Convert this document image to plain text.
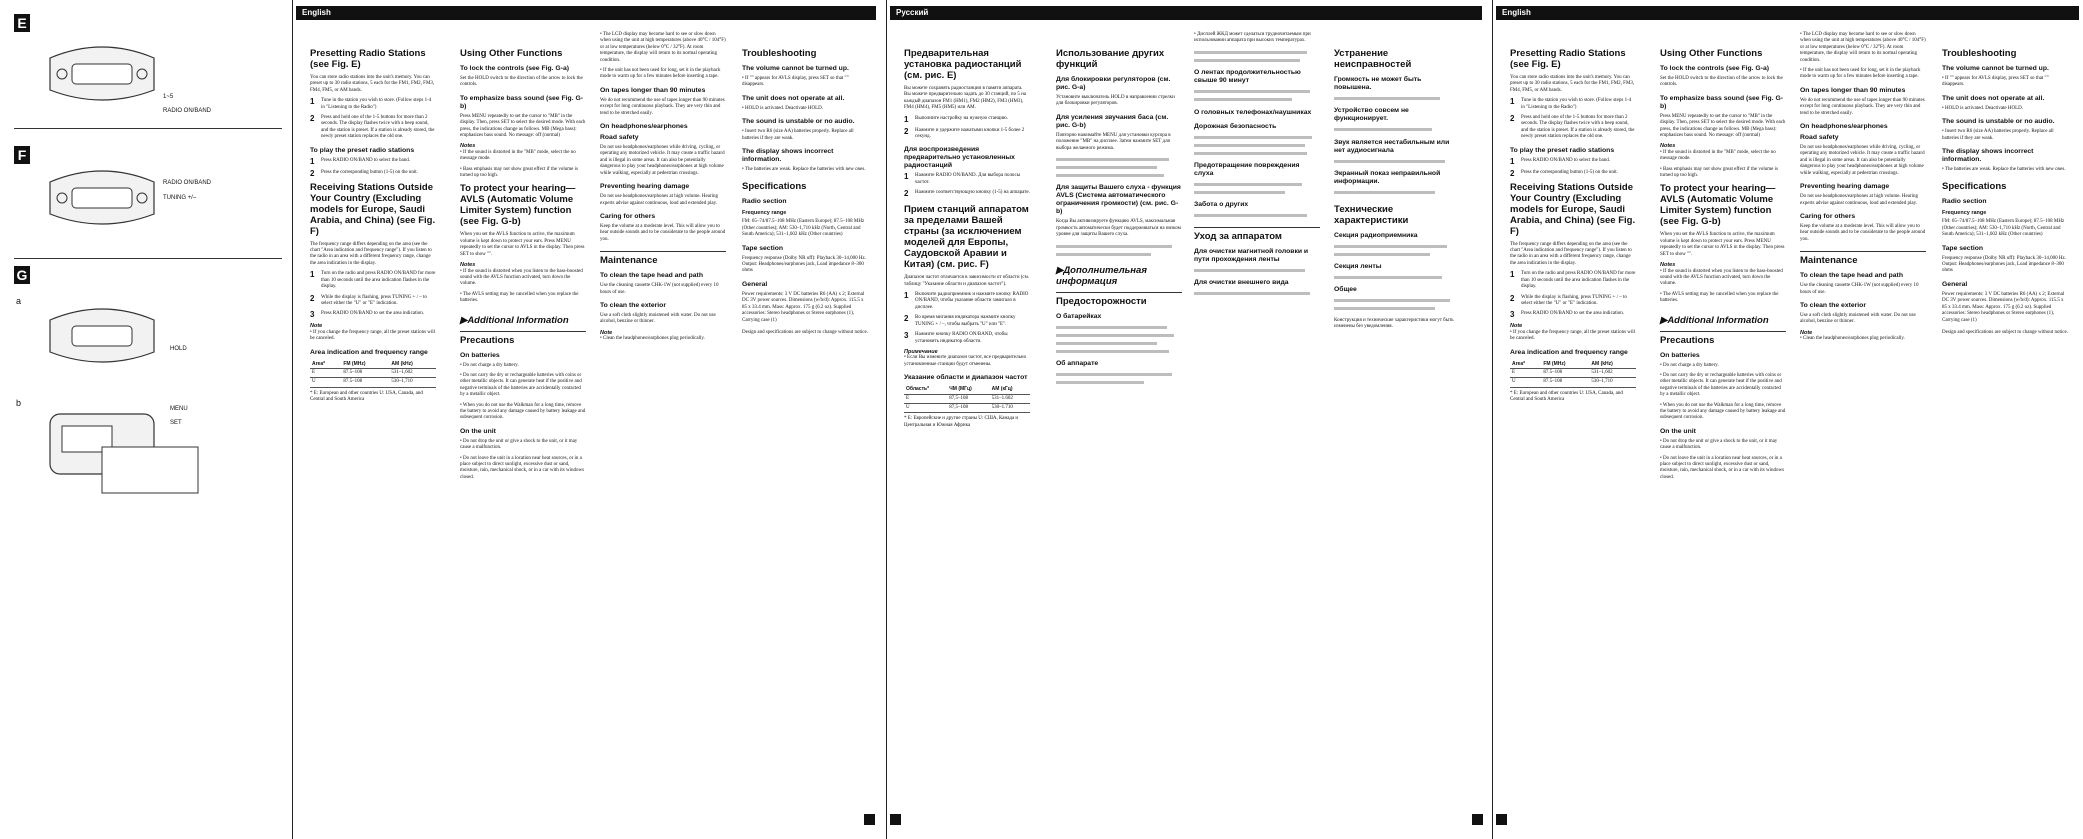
E
1~5
RADIO ON/BAND
F
RADIO ON/BAND
TUNING +/–
G
a
HOLD
b
MENU
SET
English
Presetting Radio Stations (see Fig. E)
You can store radio stations into the unit's memory. You can preset up to 30 radio stations, 5 each for the FM1, FM2, FM3, FM4, FM5, or AM bands.
1	Tune in the station you wish to store. (Follow steps 1-4 in "Listening to the Radio")
2	Press and hold one of the 1-5 buttons for more than 2 seconds. The display flashes twice with a beep sound, and the station is preset. If a station is already stored, the newly preset station replaces the old one.
To play the preset radio stations
1	Press RADIO ON/BAND to select the band.
2	Press the corresponding button (1-5) on the unit.
Receiving Stations Outside Your Country (Excluding models for Europe, Saudi Arabia, and China) (see Fig. F)
The frequency range differs depending on the area (see the chart "Area indication and frequency range"). If you listen to the radio in an area with a different frequency range, change the area indication in the display.
1	Turn on the radio and press RADIO ON/BAND for more than 10 seconds until the area indication flashes in the display.
2	While the display is flashing, press TUNING + / – to select either the "U" or "E" indication.
3	Press RADIO ON/BAND to set the area indication.
Note
• If you change the frequency range, all the preset stations will be canceled.
Area indication and frequency range
Area*	FM (MHz)	AM (kHz)
E	87.5–108	531–1,602
U	87.5–108	530–1,710
* E: European and other countries U: USA, Canada, and Central and South America
Using Other Functions
To lock the controls (see Fig. G-a)
Set the HOLD switch to the direction of the arrow to lock the controls.
To emphasize bass sound (see Fig. G-b)
Press MENU repeatedly to set the cursor to "MB" in the display. Then, press SET to select the desired mode. With each press, the indications change as follows. MB (Mega bass): emphasizes bass sound. No message: off (normal)
Notes
• If the sound is distorted in the "MB" mode, select the no message mode.
• Bass emphasis may not show great effect if the volume is turned up too high.
To protect your hearing—AVLS (Automatic Volume Limiter System) function (see Fig. G-b)
When you set the AVLS function to active, the maximum volume is kept down to protect your ears. Press MENU repeatedly to set the cursor to AVLS in the display. Then press SET to show "".
Notes
• If the sound is distorted when you listen to the bass-boosted sound with the AVLS function activated, turn down the volume.
• The AVLS setting may be cancelled when you replace the batteries.
▶Additional Information
Precautions
On batteries
• Do not charge a dry battery.
• Do not carry the dry or rechargeable batteries with coins or other metallic objects. It can generate heat if the positive and negative terminals of the batteries are accidentally contacted by a metallic object.
• When you do not use the Walkman for a long time, remove the battery to avoid any damage caused by battery leakage and subsequent corrosion.
On the unit
• Do not drop the unit or give a shock to the unit, or it may cause a malfunction.
• Do not leave the unit in a location near heat sources, or in a place subject to direct sunlight, excessive dust or sand, moisture, rain, mechanical shock, or in a car with its windows closed.
• The LCD display may become hard to see or slow down when using the unit at high temperatures (above 40°C / 104°F) or at low temperatures (below 0°C / 32°F). At room temperature, the display will return to its normal operating condition.
• If the unit has not been used for long, set it in the playback mode to warm up for a few minutes before inserting a tape.
On tapes longer than 90 minutes
We do not recommend the use of tapes longer than 90 minutes except for long continuous playback. They are very thin and tend to be stretched easily.
On headphones/earphones
Road safety
Do not use headphones/earphones while driving, cycling, or operating any motorized vehicle. It may create a traffic hazard and is illegal in some areas. It can also be potentially dangerous to play your headphones/earphones at high volume while walking, especially at pedestrian crossings.
Preventing hearing damage
Do not use headphones/earphones at high volume. Hearing experts advise against continuous, loud and extended play.
Caring for others
Keep the volume at a moderate level. This will allow you to hear outside sounds and to be considerate to the people around you.
Maintenance
To clean the tape head and path
Use the cleaning cassette CHK-1W (not supplied) every 10 hours of use.
To clean the exterior
Use a soft cloth slightly moistened with water. Do not use alcohol, benzine or thinner.
Note
• Clean the headphones/earphones plug periodically.
Troubleshooting
The volume cannot be turned up.
• If "" appears for AVLS display, press SET so that "" disappears.
The unit does not operate at all.
• HOLD is activated. Deactivate HOLD.
The sound is unstable or no audio.
• Insert two R6 (size AA) batteries properly. Replace all batteries if they are weak.
The display shows incorrect information.
• The batteries are weak. Replace the batteries with new ones.
Specifications
Radio section
Frequency range
FM: 65–74/87.5–108 MHz (Eastern Europe); 87.5–108 MHz (Other countries); AM: 530–1,710 kHz (North, Central and South America); 531–1,602 kHz (Other countries)
Tape section
Frequency response (Dolby NR off): Playback 30–14,000 Hz. Output: Headphones/earphones jack, Load impedance 8–300 ohms
General
Power requirements: 3 V DC batteries R6 (AA) x 2; External DC 3V power sources. Dimensions (w/h/d): Approx. 115.5 x 85 x 33.4 mm. Mass: Approx. 175 g (6.2 oz). Supplied accessories: Stereo headphones or Stereo earphones (1), Carrying case (1)
Design and specifications are subject to change without notice.
Русский
Предварительная установка радиостанций (см. рис. E)
Вы можете сохранять радиостанции в памяти аппарата. Вы можете предварительно задать до 30 станций, по 5 на каждый диапазон FM1 (НМ1), FM2 (НМ2), FM3 (НМ3), FM4 (НМ4), FM5 (НМ5) или AM.
1	Выполните настройку на нужную станцию.
2	Нажмите и удержите нажатыми кнопки 1-5 более 2 секунд.
Для воспроизведения предварительно установленных радиостанций
1	Нажмите RADIO ON/BAND. Для выбора полосы частот.
2	Нажмите соответствующую кнопку (1-5) на аппарате.
Прием станций аппаратом за пределами Вашей страны (за исключением моделей для Европы, Саудовской Аравии и Китая) (см. рис. F)
Диапазон частот отличается в зависимости от области (см. таблицу "Указание области и диапазон частот").
1	Включите радиоприемник и нажмите кнопку RADIO ON/BAND, чтобы указание области замигало в дисплее.
2	Во время мигания индикатора нажмите кнопку TUNING + / –, чтобы выбрать "U" или "E".
3	Нажмите кнопку RADIO ON/BAND, чтобы установить индикатор области.
Примечание
• Если Вы измените диапазон частот, все предварительно установленные станции будут отменены.
Указание области и диапазон частот
Область*	ЧМ (МГц)	AM (кГц)
E	87,5–108	531–1.602
U	87,5–108	530–1.710
* E: Европейские и другие страны U: США, Канада и Центральная и Южная Африка
Использование других функций
Для блокировки регуляторов (см. рис. G-a)
Установите выключатель HOLD в направлении стрелки для блокировки регуляторов.
Для усиления звучания баса (см. рис. G-b)
Повторно нажимайте MENU для установки курсора в положение "MB" на дисплее. Затем нажмите SET для выбора желаемого режима.
Для защиты Вашего слуха - функция AVLS (Система автоматического ограничения громкости) (см. рис. G-b)
Когда Вы активизируете функцию AVLS, максимальная громкость автоматически будет поддерживаться на низком уровне для защиты Вашего слуха.
▶Дополнительная информация
Предосторожности
О батарейках
Об аппарате
• Дисплей ЖКД может сделаться трудночитаемым при использовании аппарата при высоких температурах.
О лентах продолжительностью свыше 90 минут
О головных телефонах/наушниках
Дорожная безопасность
Предотвращение повреждения слуха
Забота о других
Уход за аппаратом
Для очистки магнитной головки и пути прохождения ленты
Для очистки внешнего вида
Устранение неисправностей
Громкость не может быть повышена.
Устройство совсем не функционирует.
Звук является нестабильным или нет аудиосигнала
Экранный показ неправильной информации.
Технические характеристики
Секция радиоприемника
Секция ленты
Общее
Конструкция и технические характеристики могут быть изменены без уведомления.
English
Presetting Radio Stations (see Fig. E)
You can store radio stations into the unit's memory. You can preset up to 30 radio stations, 5 each for the FM1, FM2, FM3, FM4, FM5, or AM bands.
1	Tune in the station you wish to store. (Follow steps 1-4 in "Listening to the Radio")
2	Press and hold one of the 1-5 buttons for more than 2 seconds. The display flashes twice with a beep sound, and the station is preset. If a station is already stored, the newly preset station replaces the old one.
To play the preset radio stations
1	Press RADIO ON/BAND to select the band.
2	Press the corresponding button (1-5) on the unit.
Receiving Stations Outside Your Country (Excluding models for Europe, Saudi Arabia, and China) (see Fig. F)
The frequency range differs depending on the area (see the chart "Area indication and frequency range"). If you listen to the radio in an area with a different frequency range, change the area indication in the display.
1	Turn on the radio and press RADIO ON/BAND for more than 10 seconds until the area indication flashes in the display.
2	While the display is flashing, press TUNING + / – to select either the "U" or "E" indication.
3	Press RADIO ON/BAND to set the area indication.
Note
• If you change the frequency range, all the preset stations will be canceled.
Area indication and frequency range
Area*	FM (MHz)	AM (kHz)
E	87.5–108	531–1,602
U	87.5–108	530–1,710
* E: European and other countries U: USA, Canada, and Central and South America
Using Other Functions
To lock the controls (see Fig. G-a)
Set the HOLD switch to the direction of the arrow to lock the controls.
To emphasize bass sound (see Fig. G-b)
Press MENU repeatedly to set the cursor to "MB" in the display. Then, press SET to select the desired mode. With each press, the indications change as follows. MB (Mega bass): emphasizes bass sound. No message: off (normal)
Notes
• If the sound is distorted in the "MB" mode, select the no message mode.
• Bass emphasis may not show great effect if the volume is turned up too high.
To protect your hearing—AVLS (Automatic Volume Limiter System) function (see Fig. G-b)
When you set the AVLS function to active, the maximum volume is kept down to protect your ears. Press MENU repeatedly to set the cursor to AVLS in the display. Then press SET to show "".
Notes
• If the sound is distorted when you listen to the bass-boosted sound with the AVLS function activated, turn down the volume.
• The AVLS setting may be cancelled when you replace the batteries.
▶Additional Information
Precautions
On batteries
• Do not charge a dry battery.
• Do not carry the dry or rechargeable batteries with coins or other metallic objects. It can generate heat if the positive and negative terminals of the batteries are accidentally contacted by a metallic object.
• When you do not use the Walkman for a long time, remove the battery to avoid any damage caused by battery leakage and subsequent corrosion.
On the unit
• Do not drop the unit or give a shock to the unit, or it may cause a malfunction.
• Do not leave the unit in a location near heat sources, or in a place subject to direct sunlight, excessive dust or sand, moisture, rain, mechanical shock, or in a car with its windows closed.
• The LCD display may become hard to see or slow down when using the unit at high temperatures (above 40°C / 104°F) or at low temperatures (below 0°C / 32°F). At room temperature, the display will return to its normal operating condition.
• If the unit has not been used for long, set it in the playback mode to warm up for a few minutes before inserting a tape.
On tapes longer than 90 minutes
We do not recommend the use of tapes longer than 90 minutes except for long continuous playback. They are very thin and tend to be stretched easily.
On headphones/earphones
Road safety
Do not use headphones/earphones while driving, cycling, or operating any motorized vehicle. It may create a traffic hazard and is illegal in some areas. It can also be potentially dangerous to play your headphones/earphones at high volume while walking, especially at pedestrian crossings.
Preventing hearing damage
Do not use headphones/earphones at high volume. Hearing experts advise against continuous, loud and extended play.
Caring for others
Keep the volume at a moderate level. This will allow you to hear outside sounds and to be considerate to the people around you.
Maintenance
To clean the tape head and path
Use the cleaning cassette CHK-1W (not supplied) every 10 hours of use.
To clean the exterior
Use a soft cloth slightly moistened with water. Do not use alcohol, benzine or thinner.
Note
• Clean the headphones/earphones plug periodically.
Troubleshooting
The volume cannot be turned up.
• If "" appears for AVLS display, press SET so that "" disappears.
The unit does not operate at all.
• HOLD is activated. Deactivate HOLD.
The sound is unstable or no audio.
• Insert two R6 (size AA) batteries properly. Replace all batteries if they are weak.
The display shows incorrect information.
• The batteries are weak. Replace the batteries with new ones.
Specifications
Radio section
Frequency range
FM: 65–74/87.5–108 MHz (Eastern Europe); 87.5–108 MHz (Other countries); AM: 530–1,710 kHz (North, Central and South America); 531–1,602 kHz (Other countries)
Tape section
Frequency response (Dolby NR off): Playback 30–14,000 Hz. Output: Headphones/earphones jack, Load impedance 8–300 ohms
General
Power requirements: 3 V DC batteries R6 (AA) x 2; External DC 3V power sources. Dimensions (w/h/d): Approx. 115.5 x 85 x 33.4 mm. Mass: Approx. 175 g (6.2 oz). Supplied accessories: Stereo headphones or Stereo earphones (1), Carrying case (1)
Design and specifications are subject to change without notice.
